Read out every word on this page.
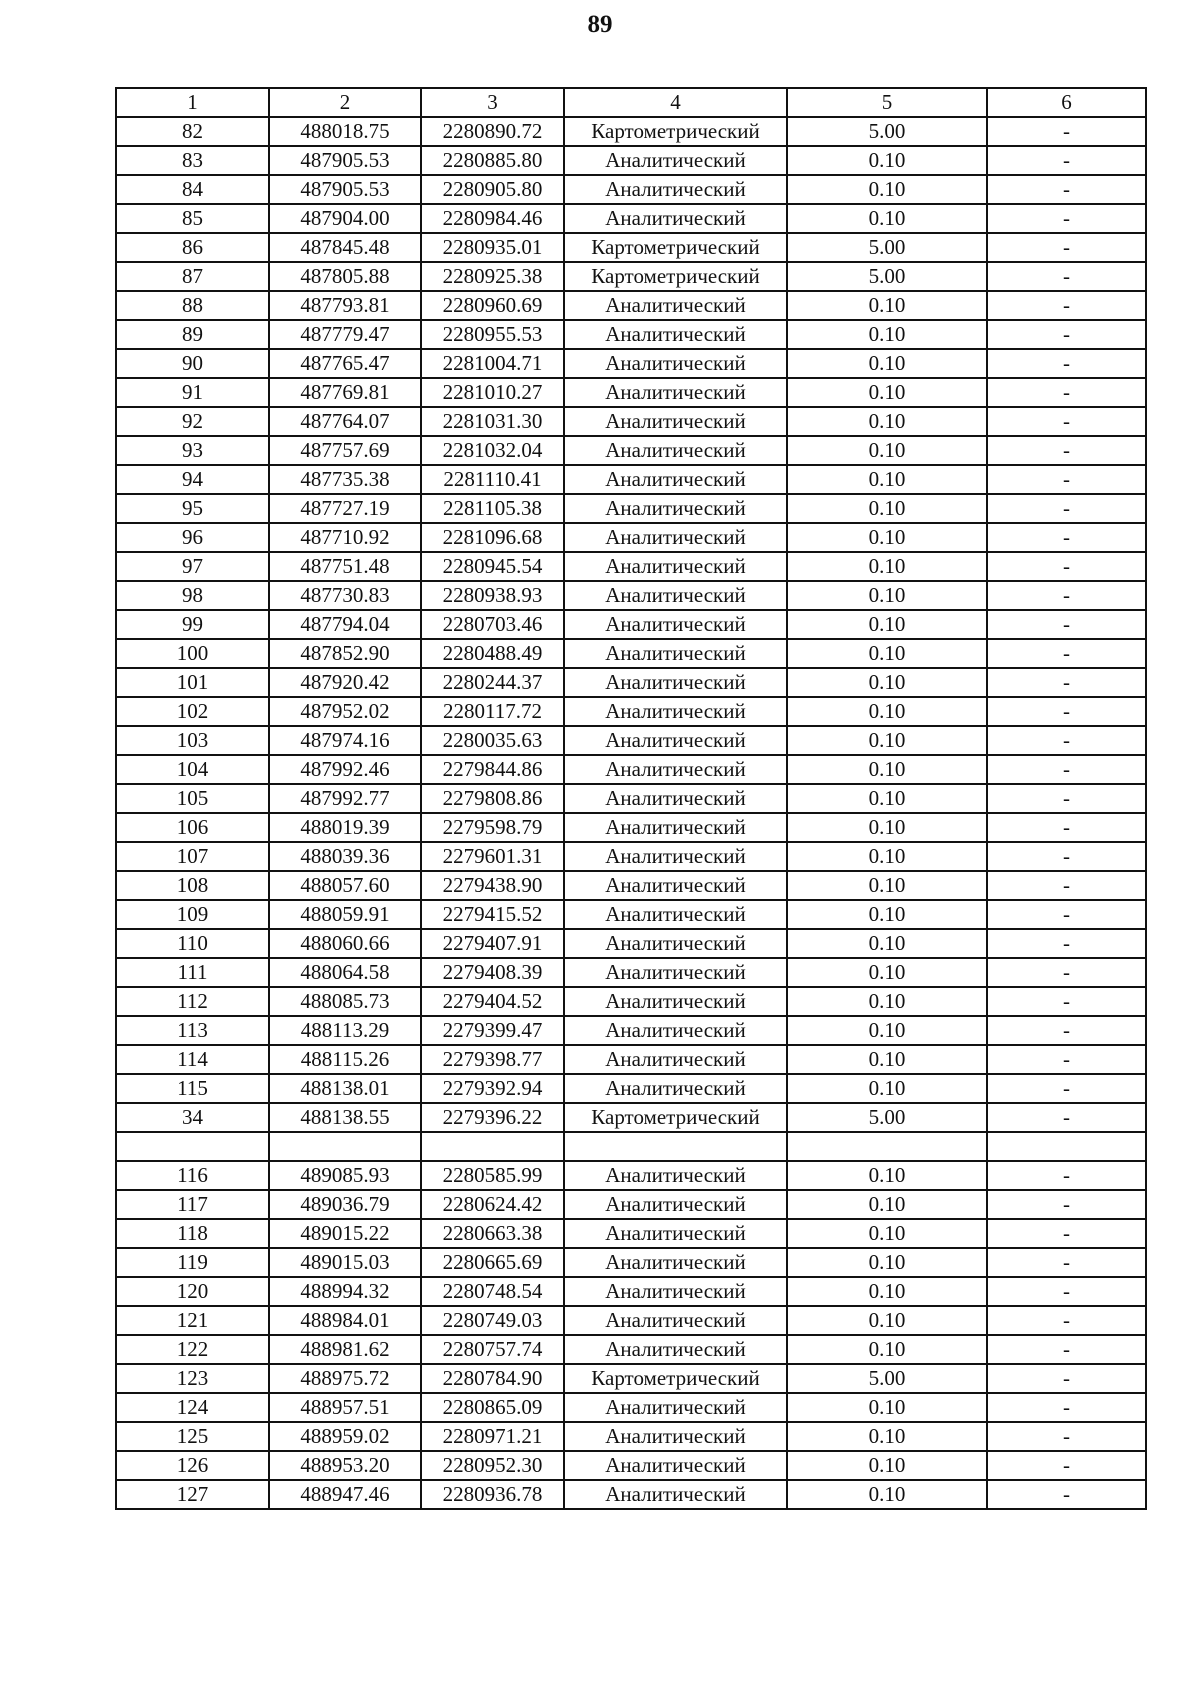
89
1	2	3	4	5	6
82	488018.75	2280890.72	Картометрический	5.00	-
83	487905.53	2280885.80	Аналитический	0.10	-
84	487905.53	2280905.80	Аналитический	0.10	-
85	487904.00	2280984.46	Аналитический	0.10	-
86	487845.48	2280935.01	Картометрический	5.00	-
87	487805.88	2280925.38	Картометрический	5.00	-
88	487793.81	2280960.69	Аналитический	0.10	-
89	487779.47	2280955.53	Аналитический	0.10	-
90	487765.47	2281004.71	Аналитический	0.10	-
91	487769.81	2281010.27	Аналитический	0.10	-
92	487764.07	2281031.30	Аналитический	0.10	-
93	487757.69	2281032.04	Аналитический	0.10	-
94	487735.38	2281110.41	Аналитический	0.10	-
95	487727.19	2281105.38	Аналитический	0.10	-
96	487710.92	2281096.68	Аналитический	0.10	-
97	487751.48	2280945.54	Аналитический	0.10	-
98	487730.83	2280938.93	Аналитический	0.10	-
99	487794.04	2280703.46	Аналитический	0.10	-
100	487852.90	2280488.49	Аналитический	0.10	-
101	487920.42	2280244.37	Аналитический	0.10	-
102	487952.02	2280117.72	Аналитический	0.10	-
103	487974.16	2280035.63	Аналитический	0.10	-
104	487992.46	2279844.86	Аналитический	0.10	-
105	487992.77	2279808.86	Аналитический	0.10	-
106	488019.39	2279598.79	Аналитический	0.10	-
107	488039.36	2279601.31	Аналитический	0.10	-
108	488057.60	2279438.90	Аналитический	0.10	-
109	488059.91	2279415.52	Аналитический	0.10	-
110	488060.66	2279407.91	Аналитический	0.10	-
111	488064.58	2279408.39	Аналитический	0.10	-
112	488085.73	2279404.52	Аналитический	0.10	-
113	488113.29	2279399.47	Аналитический	0.10	-
114	488115.26	2279398.77	Аналитический	0.10	-
115	488138.01	2279392.94	Аналитический	0.10	-
34	488138.55	2279396.22	Картометрический	5.00	-

116	489085.93	2280585.99	Аналитический	0.10	-
117	489036.79	2280624.42	Аналитический	0.10	-
118	489015.22	2280663.38	Аналитический	0.10	-
119	489015.03	2280665.69	Аналитический	0.10	-
120	488994.32	2280748.54	Аналитический	0.10	-
121	488984.01	2280749.03	Аналитический	0.10	-
122	488981.62	2280757.74	Аналитический	0.10	-
123	488975.72	2280784.90	Картометрический	5.00	-
124	488957.51	2280865.09	Аналитический	0.10	-
125	488959.02	2280971.21	Аналитический	0.10	-
126	488953.20	2280952.30	Аналитический	0.10	-
127	488947.46	2280936.78	Аналитический	0.10	-
